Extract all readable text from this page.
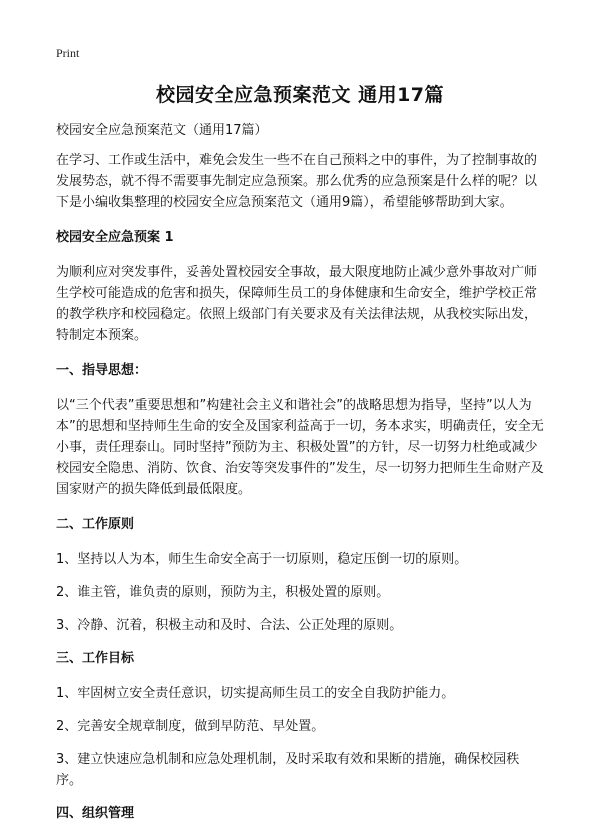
Print
校园安全应急预案范文 通用17篇

校园安全应急预案范文（通用17篇）

在学习、工作或生活中，难免会发生一些不在自己预料之中的事件，为了控制事故的发展势态，就不得不需要事先制定应急预案。那么优秀的应急预案是什么样的呢？以下是小编收集整理的校园安全应急预案范文（通用9篇），希望能够帮助到大家。

校园安全应急预案 1

为顺利应对突发事件，妥善处置校园安全事故，最大限度地防止减少意外事故对广师生学校可能造成的危害和损失，保障师生员工的身体健康和生命安全，维护学校正常的教学秩序和校园稳定。依照上级部门有关要求及有关法律法规，从我校实际出发，特制定本预案。

一、指导思想：

以“三个代表”重要思想和”构建社会主义和谐社会”的战略思想为指导，坚持”以人为本”的思想和坚持师生生命的安全及国家利益高于一切，务本求实，明确责任，安全无小事，责任理泰山。同时坚持”预防为主、积极处置”的方针，尽一切努力杜绝或减少校园安全隐患、消防、饮食、治安等突发事件的”发生，尽一切努力把师生生命财产及国家财产的损失降低到最低限度。

二、工作原则

1、坚持以人为本，师生生命安全高于一切原则，稳定压倒一切的原则。

2、谁主管，谁负责的原则，预防为主，积极处置的原则。

3、冷静、沉着，积极主动和及时、合法、公正处理的原则。

三、工作目标

1、牢固树立安全责任意识，切实提高师生员工的安全自我防护能力。

2、完善安全规章制度，做到早防范、早处置。

3、建立快速应急机制和应急处理机制，及时采取有效和果断的措施，确保校园秩序。

四、组织管理
